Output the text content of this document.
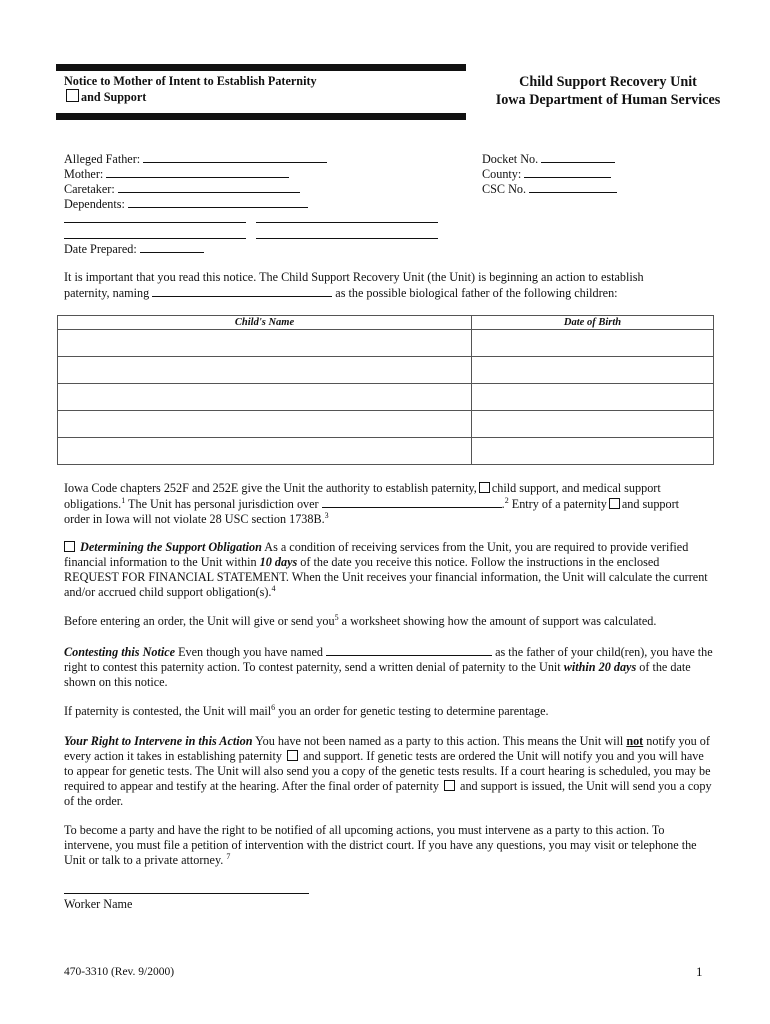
Notice to Mother of Intent to Establish Paternity
and Support
Child Support Recovery Unit
Iowa Department of Human Services
Alleged Father:
Mother:
Caretaker:
Dependents:
Date Prepared:
Docket No.
County:
CSC No.
It is important that you read this notice. The Child Support Recovery Unit (the Unit) is beginning an action to establish
paternity, naming	as the possible biological father of the following children:
Child's Name	Date of Birth

Iowa Code chapters 252F and 252E give the Unit the authority to establish paternity, child support, and medical support
obligations.$^1$ The Unit has personal jurisdiction over	.$^2$ Entry of a paternity and support
order in Iowa will not violate 28 USC section 1738B.$^3$

Determining the Support Obligation As a condition of receiving services from the Unit, you are required to provide verified financial information to the Unit within 10 days of the date you receive this notice. Follow the instructions in the enclosed REQUEST FOR FINANCIAL STATEMENT. When the Unit receives your financial information, the Unit will calculate the current and/or accrued child support obligation(s).$^4$

Before entering an order, the Unit will give or send you$^5$ a worksheet showing how the amount of support was calculated.

Contesting this Notice Even though you have named	as the father of your child(ren), you have the right to contest this paternity action. To contest paternity, send a written denial of paternity to the Unit within 20 days of the date shown on this notice.

If paternity is contested, the Unit will mail$^6$ you an order for genetic testing to determine parentage.

Your Right to Intervene in this Action You have not been named as a party to this action. This means the Unit will not notify you of every action it takes in establishing paternity and support. If genetic tests are ordered the Unit will notify you and you will have to appear for genetic tests. The Unit will also send you a copy of the genetic tests results. If a court hearing is scheduled, you may be required to appear and testify at the hearing. After the final order of paternity and support is issued, the Unit will send you a copy of the order.

To become a party and have the right to be notified of all upcoming actions, you must intervene as a party to this action. To intervene, you must file a petition of intervention with the district court. If you have any questions, you may visit or telephone the Unit or talk to a private attorney. $^7$

Worker Name
470-3310 (Rev. 9/2000)	1
